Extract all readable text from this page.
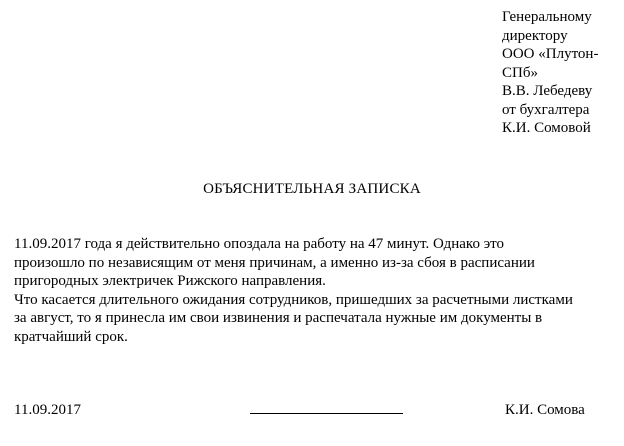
Генеральному
директору
ООО «Плутон-
СПб»
В.В. Лебедеву
от бухгалтера
К.И. Сомовой
ОБЪЯСНИТЕЛЬНАЯ ЗАПИСКА
11.09.2017 года я действительно опоздала на работу на 47 минут. Однако это
произошло по независящим от меня причинам, а именно из-за сбоя в расписании
пригородных электричек Рижского направления.
Что касается длительного ожидания сотрудников, пришедших за расчетными листками
за август, то я принесла им свои извинения и распечатала нужные им документы в
кратчайший срок.
11.09.2017	К.И. Сомова
